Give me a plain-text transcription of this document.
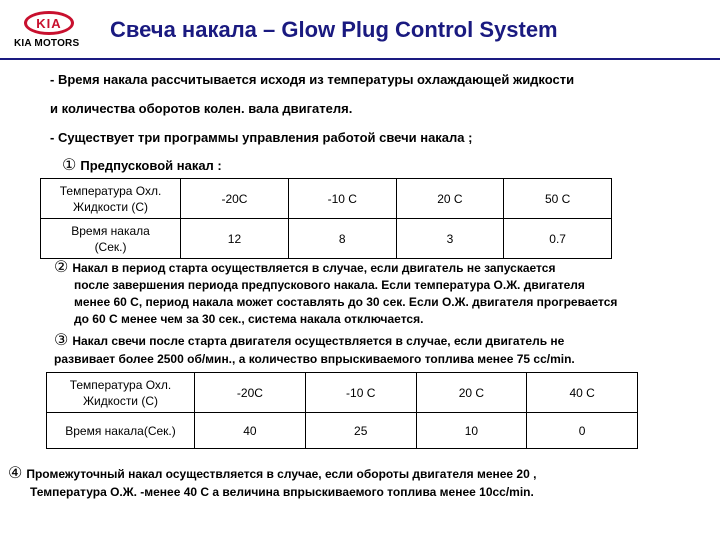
KIA
KIA MOTORS
Свеча накала – Glow Plug Control System
- Время накала рассчитывается исходя из температуры охлаждающей жидкости
и количества оборотов колен. вала двигателя.
- Существует три программы управления работой свечи накала ;
① Предпусковой накал :
Температура Охл.
Жидкости (С)	-20C	-10 C	20 C	50 C

Время накала
(Сек.)	12	8	3	0.7
② Накал в период старта осуществляется в случае, если двигатель не запускается
после завершения периода предпускового накала. Если температура О.Ж. двигателя
менее 60 С, период накала может составлять до 30 сек. Если О.Ж. двигателя прогревается
до 60 С менее чем за 30 сек., система накала отключается.
③ Накал свечи после старта двигателя осуществляется в случае, если двигатель не
развивает более 2500 об/мин., а количество впрыскиваемого топлива менее 75 cc/min.
Температура Охл.
Жидкости (С)	-20C	-10 C	20 C	40 C
Время накала(Сек.)	40	25	10	0
④ Промежуточный накал осуществляется в случае, если обороты двигателя менее 20 ,
Температура О.Ж. -менее 40 С а величина впрыскиваемого топлива менее 10cc/min.
